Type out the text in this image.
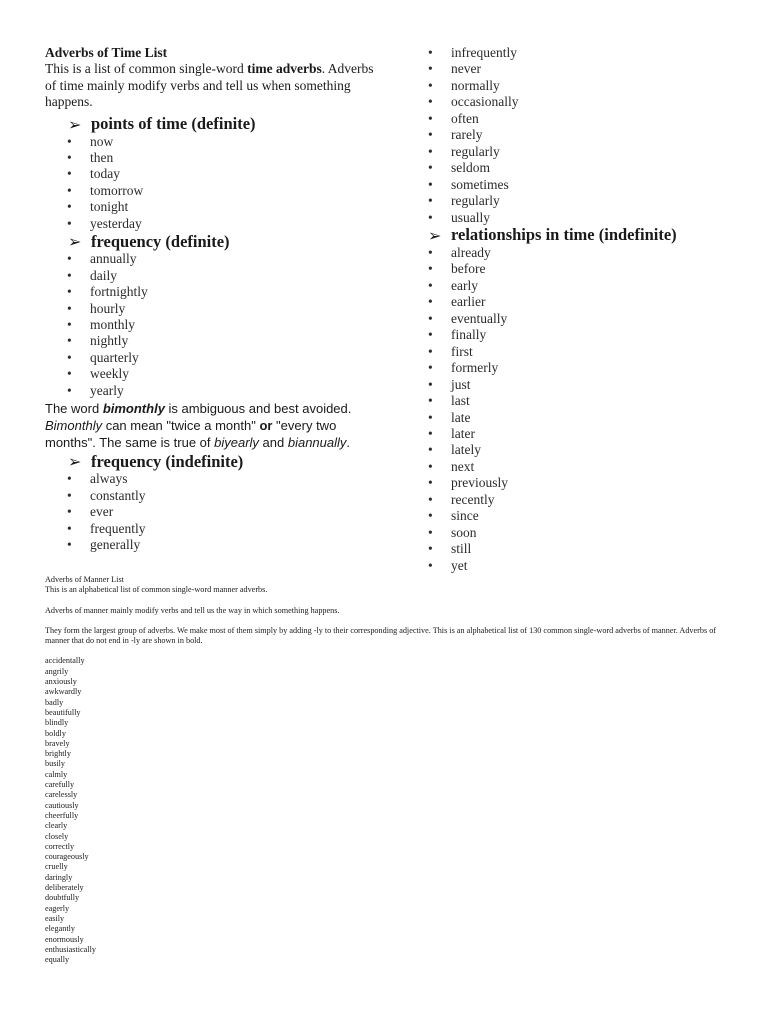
Adverbs of Time List
This is a list of common single-word time adverbs. Adverbs of time mainly modify verbs and tell us when something happens.
➢ points of time (definite)
• now
• then
• today
• tomorrow
• tonight
• yesterday
➢ frequency (definite)
• annually
• daily
• fortnightly
• hourly
• monthly
• nightly
• quarterly
• weekly
• yearly
The word bimonthly is ambiguous and best avoided. Bimonthly can mean "twice a month" or "every two months". The same is true of biyearly and biannually.
➢ frequency (indefinite)
• always
• constantly
• ever
• frequently
• generally
• infrequently
• never
• normally
• occasionally
• often
• rarely
• regularly
• seldom
• sometimes
• regularly
• usually
➢ relationships in time (indefinite)
• already
• before
• early
• earlier
• eventually
• finally
• first
• formerly
• just
• last
• late
• later
• lately
• next
• previously
• recently
• since
• soon
• still
• yet

Adverbs of Manner List

This is an alphabetical list of common single-word manner adverbs.

Adverbs of manner mainly modify verbs and tell us the way in which something happens.

They form the largest group of adverbs. We make most of them simply by adding -ly to their corresponding adjective. This is an alphabetical list of 130 common single-word adverbs of manner. Adverbs of manner that do not end in -ly are shown in bold.

accidentally
angrily
anxiously
awkwardly
badly
beautifully
blindly
boldly
bravely
brightly
busily
calmly
carefully
carelessly
cautiously
cheerfully
clearly
closely
correctly
courageously
cruelly
daringly
deliberately
doubtfully
eagerly
easily
elegantly
enormously
enthusiastically
equally
